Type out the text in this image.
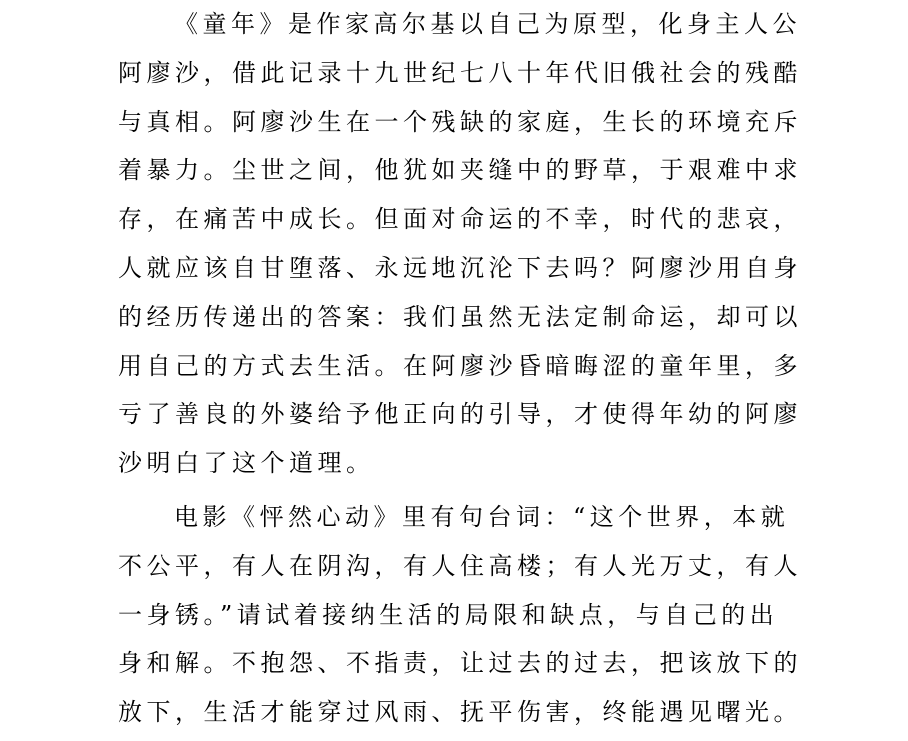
《童年》是作家高尔基以自己为原型，化身主人公
阿廖沙，借此记录十九世纪七八十年代旧俄社会的残酷
与真相。阿廖沙生在一个残缺的家庭，生长的环境充斥
着暴力。尘世之间，他犹如夹缝中的野草，于艰难中求
存，在痛苦中成长。但面对命运的不幸，时代的悲哀，
人就应该自甘堕落、永远地沉沦下去吗？阿廖沙用自身
的经历传递出的答案：我们虽然无法定制命运，却可以
用自己的方式去生活。在阿廖沙昏暗晦涩的童年里，多
亏了善良的外婆给予他正向的引导，才使得年幼的阿廖
沙明白了这个道理。
电影《怦然心动》里有句台词：“这个世界，本就
不公平，有人在阴沟，有人住高楼；有人光万丈，有人
一身锈。”请试着接纳生活的局限和缺点，与自己的出
身和解。不抱怨、不指责，让过去的过去，把该放下的
放下，生活才能穿过风雨、抚平伤害，终能遇见曙光。
